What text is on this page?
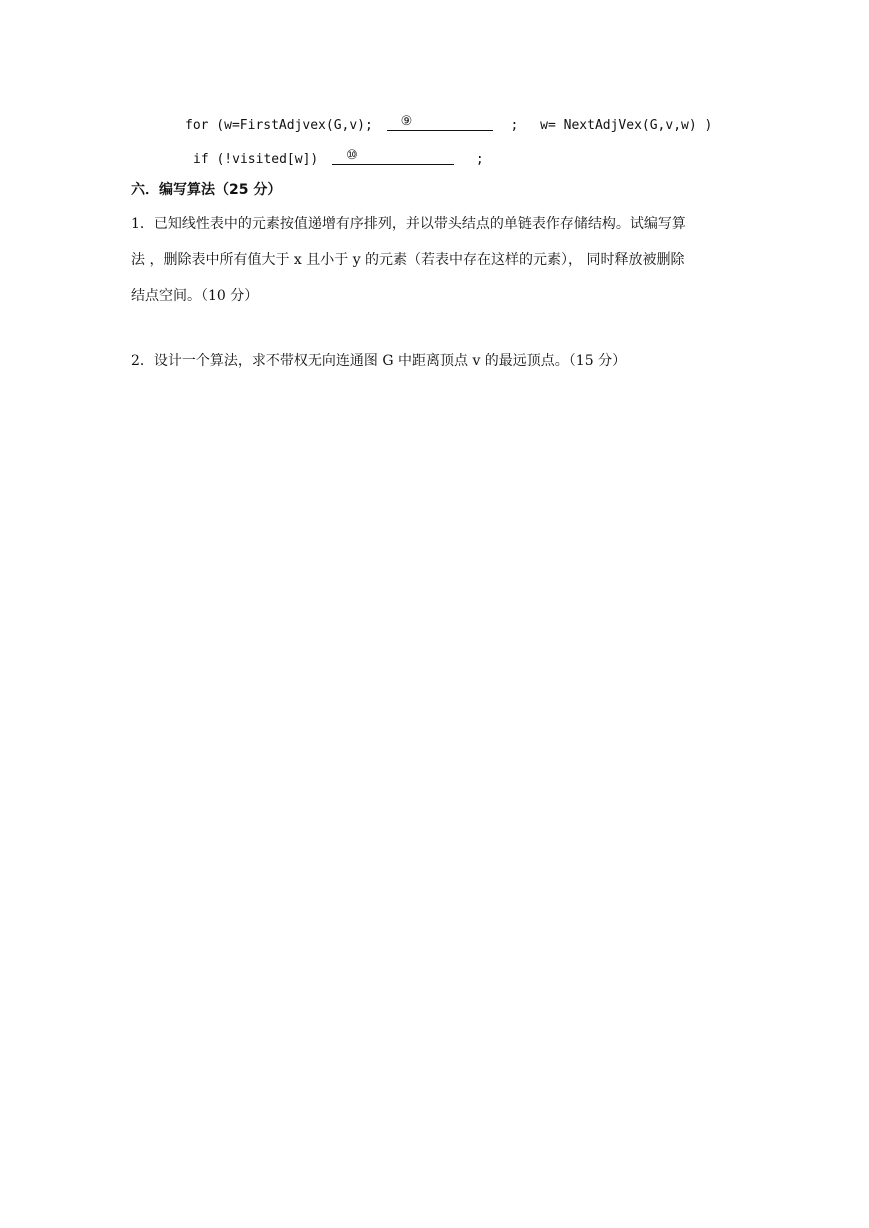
for (w=FirstAdjvex(G,v); ⑨	; w= NextAdjVex(G,v,w) )
if (!visited[w]) ⑩	;
六．编写算法（25 分）
1．已知线性表中的元素按值递增有序排列，并以带头结点的单链表作存储结构。试编写算
法 ，删除表中所有值大于 x 且小于 y 的元素（若表中存在这样的元素）， 同时释放被删除
结点空间。（10 分）
2．设计一个算法，求不带权无向连通图 G 中距离顶点 v 的最远顶点。（15 分）
